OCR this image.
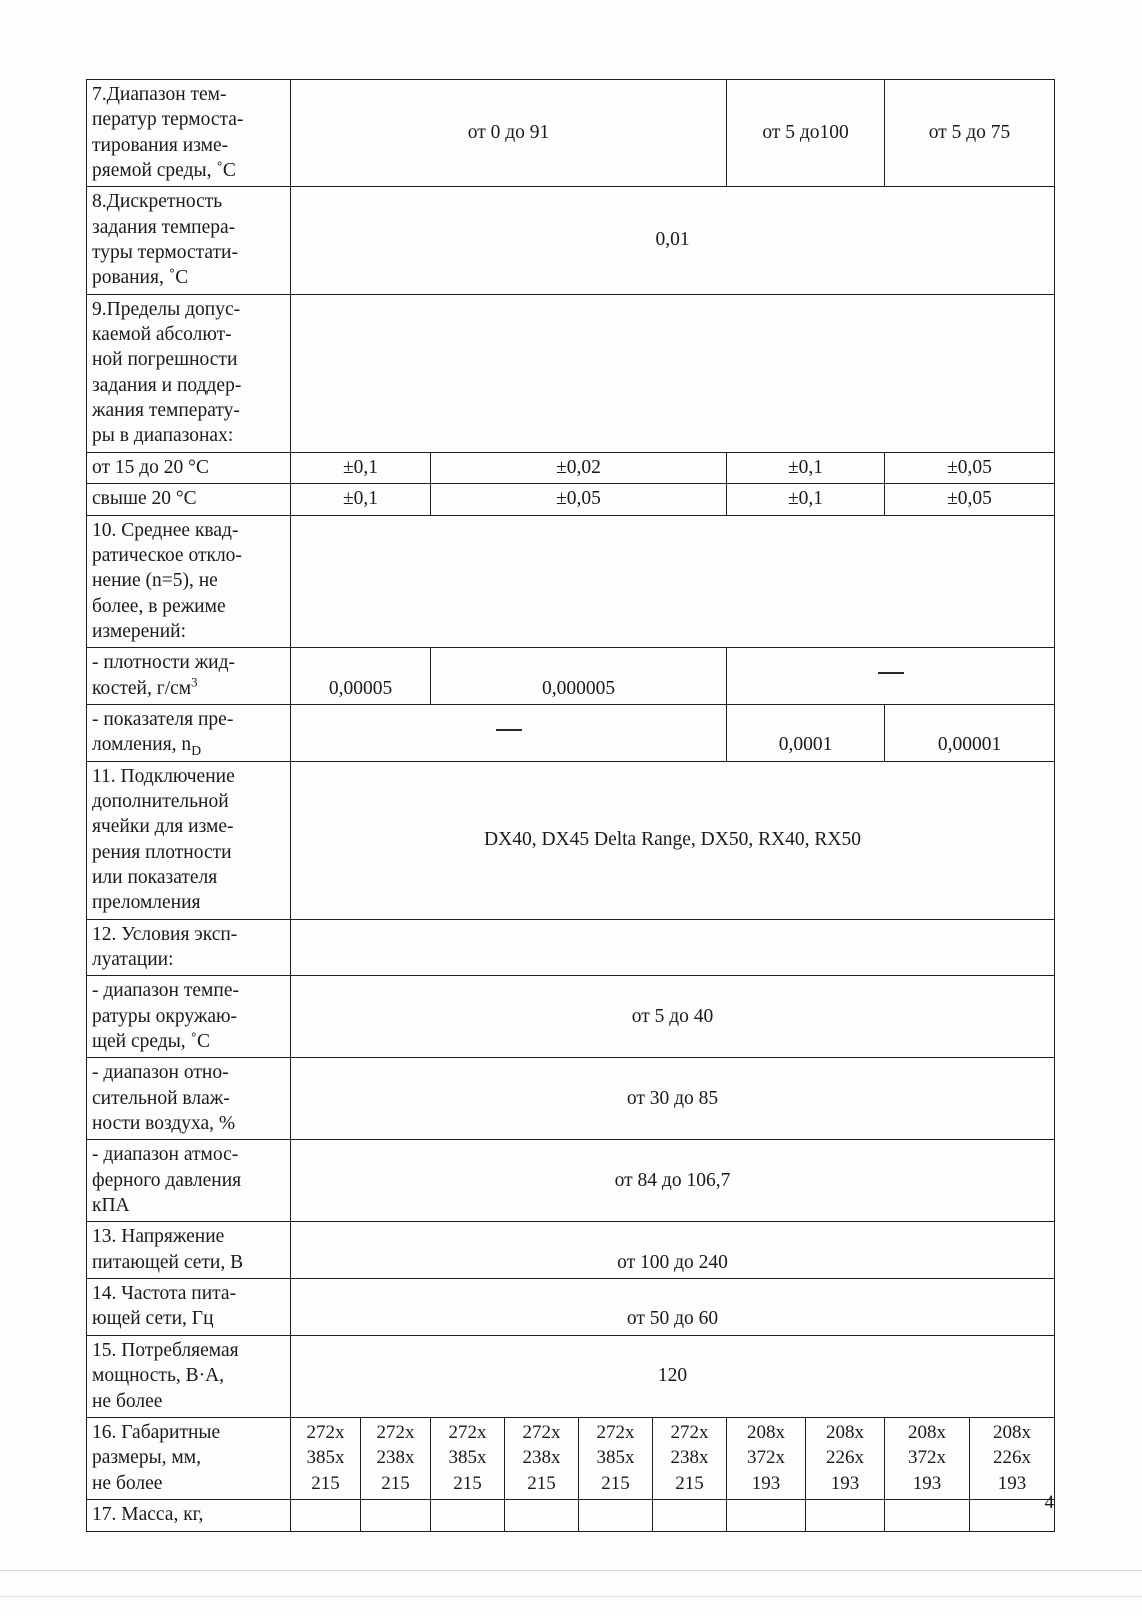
7.Диапазон тем-
ператур термоста-
тирования изме-
ряемой среды, ˚С	от 0 до 91						от 5 до100		от 5 до 75	
8.Дискретность
задания темпера-
туры термостати-
рования, ˚С	0,01									
9.Пределы допус-
каемой абсолют-
ной погрешности
задания и поддер-
жания температу-
ры в диапазонах:	
от 15 до 20 °С	±0,1		±0,02				±0,1		±0,05	
свыше 20 °С	±0,1		±0,05				±0,1		±0,05	
10. Среднее квад-
ратическое откло-
нение (n=5), не
более, в режиме
измерений:										
- плотности жид-
костей, $г/см^3$	0,00005		0,000005							
- показателя пре-
ломления, $n_D$							0,0001		0,00001	
11. Подключение
дополнительной
ячейки для изме-
рения плотности
или показателя
преломления	DX40, DX45 Delta Range, DX50, RX40, RX50
12. Условия эксп-
луатации:										
- диапазон темпе-
ратуры окружаю-
щей среды, ˚С	от 5 до 40									
- диапазон отно-
сительной влаж-
ности воздуха, %	от 30 до 85									
- диапазон атмос-
ферного давления
кПА	от 84 до 106,7									
13. Напряжение
питающей сети, В	от 100 до 240									
14. Частота пита-
ющей сети, Гц	от 50 до 60									
15. Потребляемая
мощность, В·А,
не более	120									
16. Габаритные
размеры, мм,
не более	272x
385x
215	272x
238x
215	272x
385x
215	272x
238x
215	272x
385x
215	272x
238x
215	208x
372x
193	208x
226x
193	208x
372x
193	208x
226x
193
17. Масса, кг,										
4
